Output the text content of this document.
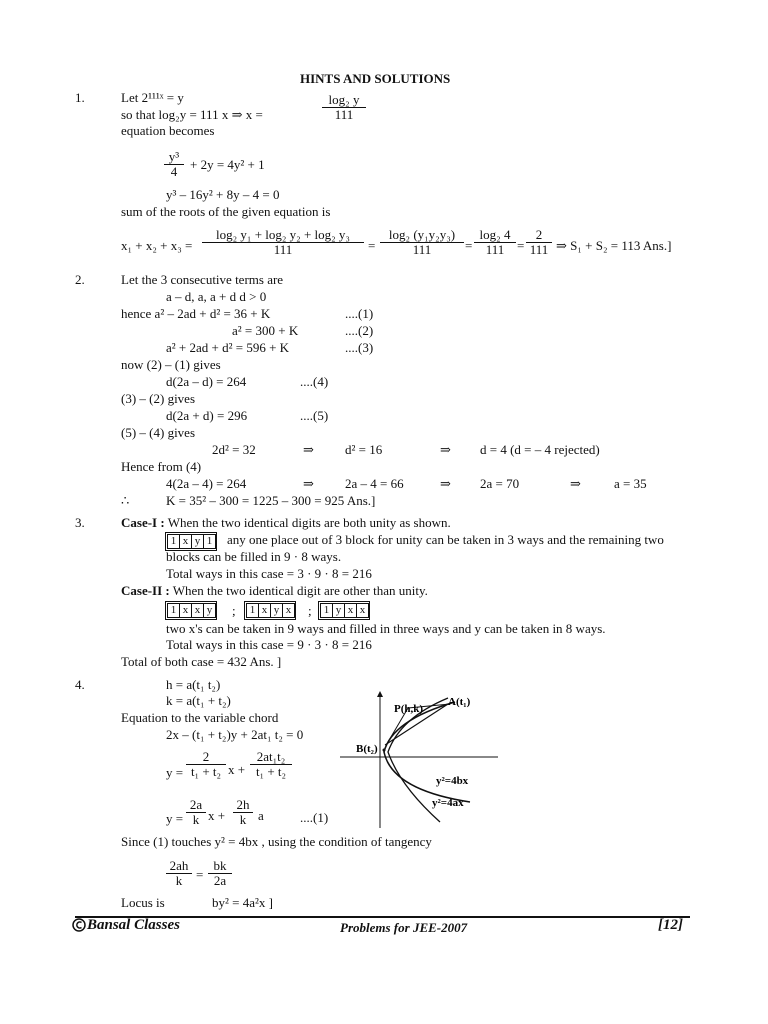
HINTS AND SOLUTIONS
1.	Let 2¹¹¹ˣ = y
so that log₂y = 111 x ⇒ x =	$\frac{\text{log₂ y}}{111}$
equation becomes
$\frac{\text{y³}}{4} + 2y = 4y^2 + 1$
y³ – 16y² + 8y – 4 = 0
sum of the roots of the given equation is
$x_1 + x_2 + x_3 = \frac{\text{log₂ y₁ + log₂ y₂ + log₂ y₃}}{111} = \frac{\text{log₂ (y₁y₂y₃)}}{111} = \frac{\text{log₂ 4}}{111} = \frac{2}{111}$ ⇒ S₁ + S₂ = 113 Ans.]
2.	Let the 3 consecutive terms are
a – d, a, a + d d > 0
hence a² – 2ad + d² = 36 + K	....(1)
a² = 300 + K	....(2)
a² + 2ad + d² = 596 + K	....(3)
now (2) – (1) gives
d(2a – d) = 264	....(4)
(3) – (2) gives
d(2a + d) = 296	....(5)
(5) – (4) gives
2d² = 32	⇒ d² = 16	⇒ d = 4 (d = – 4 rejected)
Hence from (4)
4(2a – 4) = 264	⇒ 2a – 4 = 66	⇒ 2a = 70	⇒	a = 35
∴	K = 35² – 300 = 1225 – 300 = 925 Ans.]
3.	Case-I : When the two identical digits are both unity as shown.
1 x y 1 any one place out of 3 block for unity can be taken in 3 ways and the remaining two
blocks can be filled in 9 · 8 ways.
Total ways in this case = 3 · 9 · 8 = 216
Case-II : When the two identical digit are other than unity.
1 x x y ;	1 x y x ;	1 y x x
two x's can be taken in 9 ways and filled in three ways and y can be taken in 8 ways.
Total ways in this case = 9 · 3 · 8 = 216
Total of both case = 432 Ans. ]
4.	h = a(t₁ t₂)
k = a(t₁ + t₂)
Equation to the variable chord
2x – (t₁ + t₂)y + 2at₁ t₂ = 0
$y = \frac{2}{\text{t₁ + t₂}}$ $x + \frac{\text{2at₁t₂}}{\text{t₁ + t₂}}$
$y = \frac{2a}{k}$ $x + \frac{2h}{k}$ a	....(1)
Since (1) touches y² = 4bx , using the condition of tangency
$\frac{2ah}{k} = \frac{bk}{2a}$
Locus is	by² = 4a²x ]
P(h,k)
A(t₁)
B(t₂)
y²=4bx
y²=4ax
Bansal Classes	Problems for JEE-2007	[12]
